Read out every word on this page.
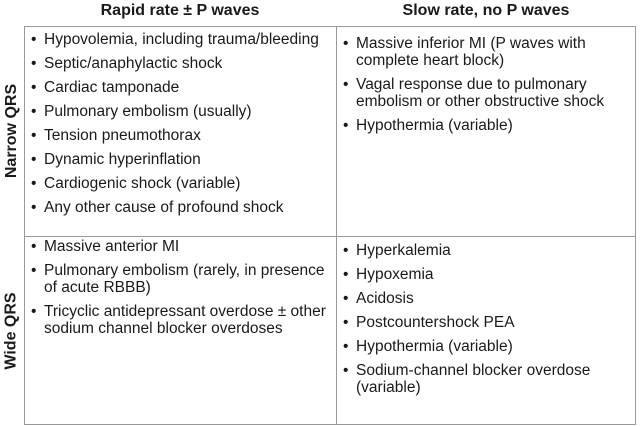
Rapid rate ± P waves	Slow rate, no P waves
Narrow QRS
Wide QRS
• Hypovolemia, including trauma/bleeding
• Septic/anaphylactic shock
• Cardiac tamponade
• Pulmonary embolism (usually)
• Tension pneumothorax
• Dynamic hyperinflation
• Cardiogenic shock (variable)
• Any other cause of profound shock
• Massive inferior MI (P waves with complete heart block)
• Vagal response due to pulmonary embolism or other obstructive shock
• Hypothermia (variable)
• Massive anterior MI
• Pulmonary embolism (rarely, in presence of acute RBBB)
• Tricyclic antidepressant overdose ± other sodium channel blocker overdoses
• Hyperkalemia
• Hypoxemia
• Acidosis
• Postcountershock PEA
• Hypothermia (variable)
• Sodium-channel blocker overdose (variable)
